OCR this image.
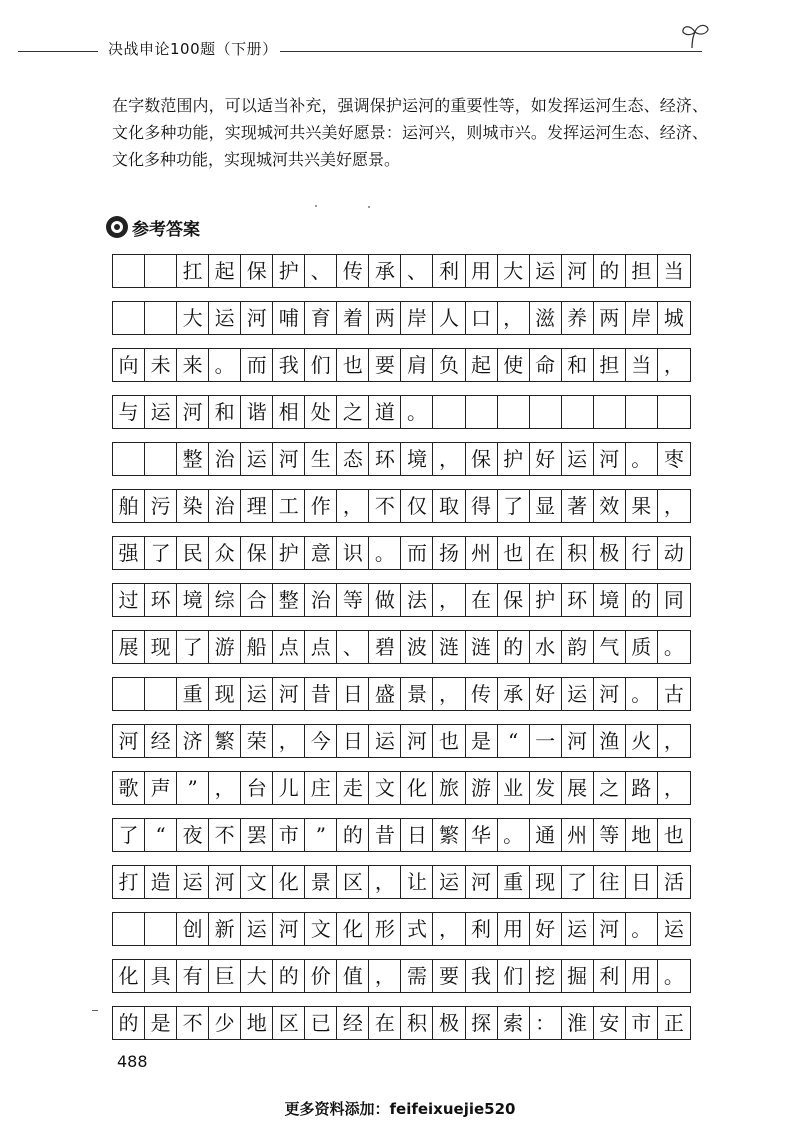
决战申论100题（下册）
在字数范围内，可以适当补充，强调保护运河的重要性等，如发挥运河生态、经济、文化多种功能，实现城河共兴美好愿景：运河兴，则城市兴。发挥运河生态、经济、文化多种功能，实现城河共兴美好愿景。
参考答案
扛 起 保 护 、 传 承 、 利 用 大 运 河 的 担 当
大 运 河 哺 育 着 两 岸 人 口 ， 滋 养 两 岸 城
向 未 来 。 而 我 们 也 要 肩 负 起 使 命 和 担 当 ，
与 运 河 和 谐 相 处 之 道 。
整 治 运 河 生 态 环 境 ， 保 护 好 运 河 。 枣
舶 污 染 治 理 工 作 ， 不 仅 取 得 了 显 著 效 果 ，
强 了 民 众 保 护 意 识 。 而 扬 州 也 在 积 极 行 动
过 环 境 综 合 整 治 等 做 法 ， 在 保 护 环 境 的 同
展 现 了 游 船 点 点 、 碧 波 涟 涟 的 水 韵 气 质 。
重 现 运 河 昔 日 盛 景 ， 传 承 好 运 河 。 古
河 经 济 繁 荣 ， 今 日 运 河 也 是 “ 一 河 渔 火 ，
歌 声 ” ， 台 儿 庄 走 文 化 旅 游 业 发 展 之 路 ，
了 “ 夜 不 罢 市 ” 的 昔 日 繁 华 。 通 州 等 地 也
打 造 运 河 文 化 景 区 ， 让 运 河 重 现 了 往 日 活
创 新 运 河 文 化 形 式 ， 利 用 好 运 河 。 运
化 具 有 巨 大 的 价 值 ， 需 要 我 们 挖 掘 利 用 。
的 是 不 少 地 区 已 经 在 积 极 探 索 ： 淮 安 市 正
488
更多资料添加：feifeixuejie520
